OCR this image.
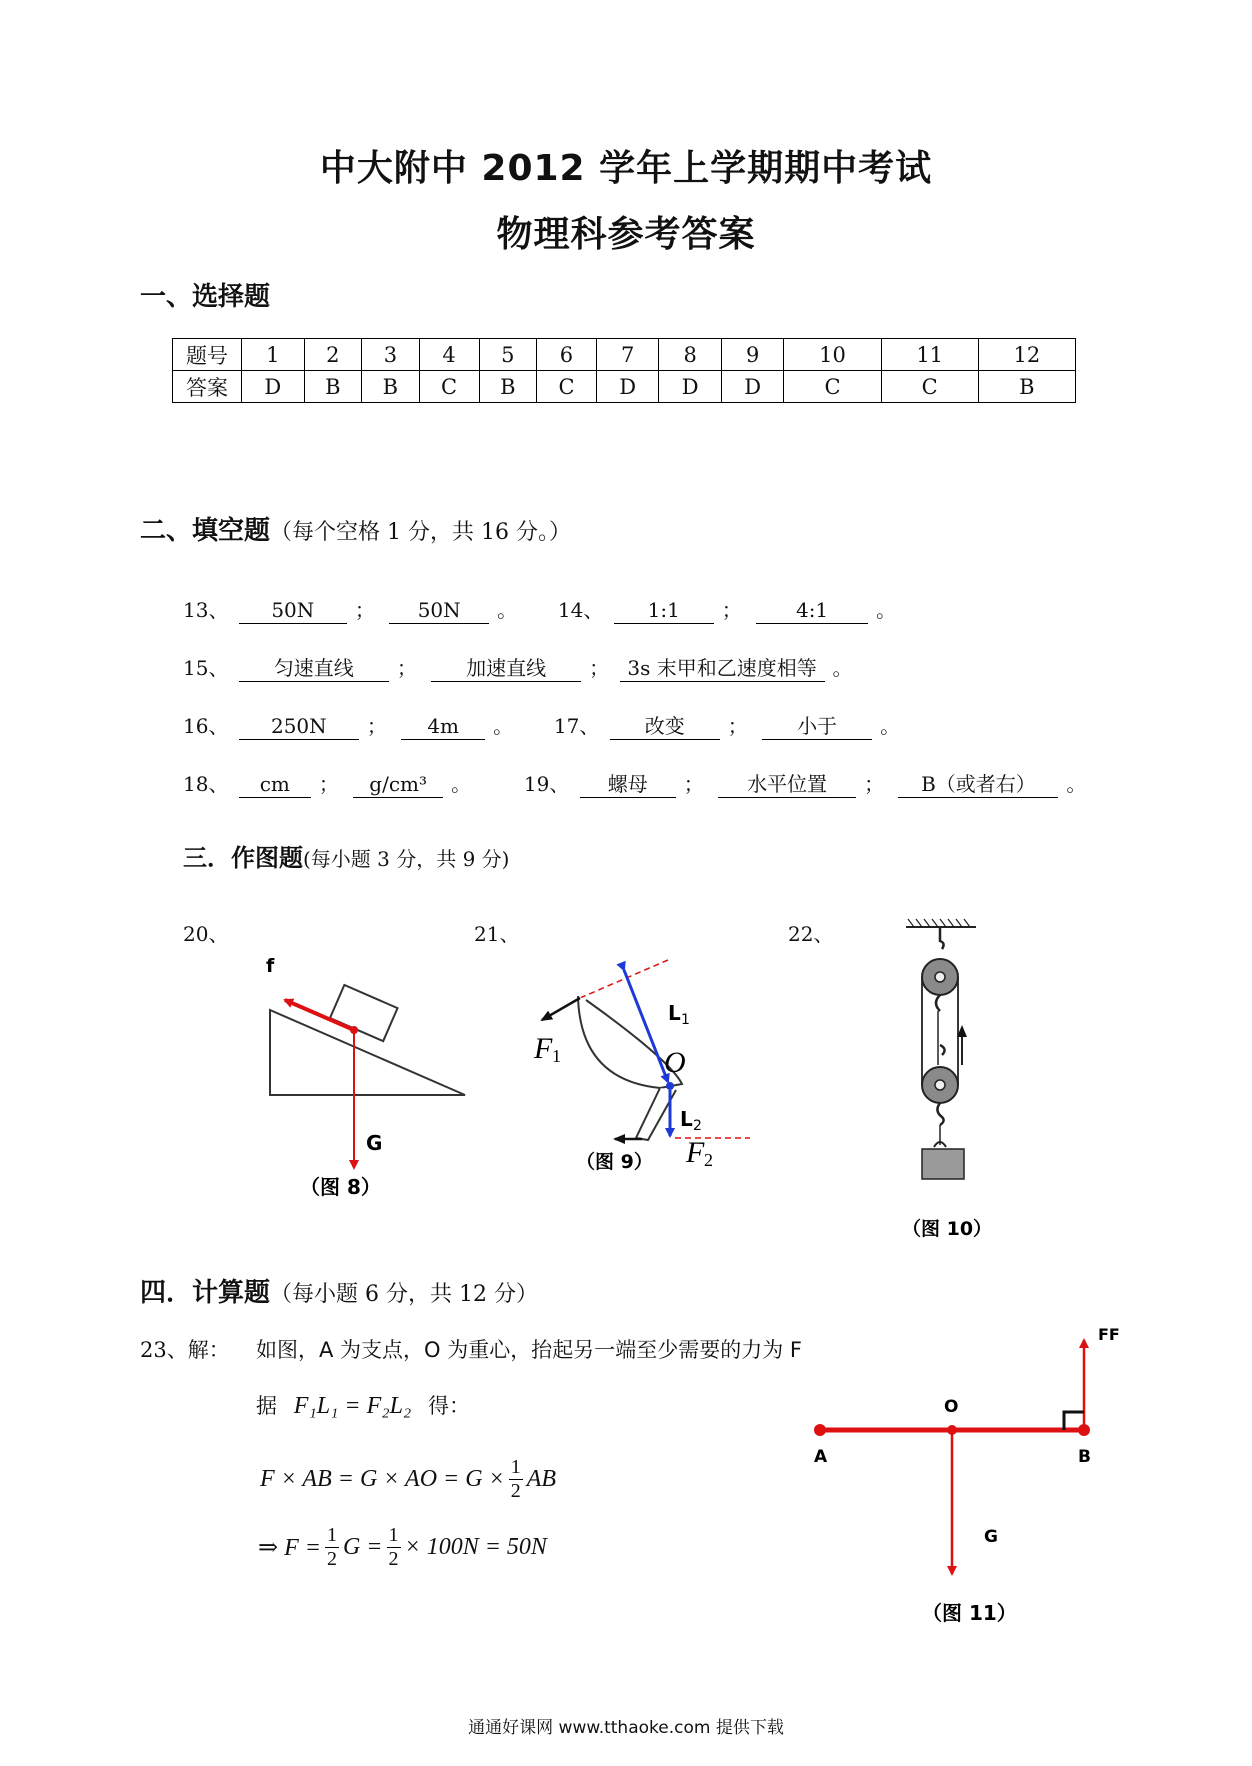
中大附中 2012 学年上学期期中考试
物理科参考答案
一、选择题
题号	1	2	3	4	5	6	7	8	9	10	11	12
答案	D	B	B	C	B	C	D	D	D	C	C	B
二、填空题（每个空格 1 分，共 16 分。）
13、 50N ； 50N 。 14、 1:1 ；	4:1 。
15、 匀速直线 ； 加速直线 ； 3s 末甲和乙速度相等 。
16、 250N ； 4m 。 17、 改变 ； 小于 。
18、 cm ； g/cm³ 。	19、 螺母 ； 水平位置 ； B（或者右） 。
三．作图题(每小题 3 分，共 9 分)
20、	21、	22、
f
G
（图 8）
O
F 1
F 2
L 1
L 2
（图 9）
（图 10）
四．计算题（每小题 6 分，共 12 分）
23、解： 如图，A 为支点，O 为重心，抬起另一端至少需要的力为 F
据 F₁L₁ = F₂L₂ 得：
F × AB = G × AO = $G \times \frac{1}{2}$ AB
⇒ $F = \frac{1}{2}$ $G = \frac{1}{2} \times 100N = 50N$
FF
O
A	B
G
（图 11）
通通好课网 www.tthaoke.com 提供下载
